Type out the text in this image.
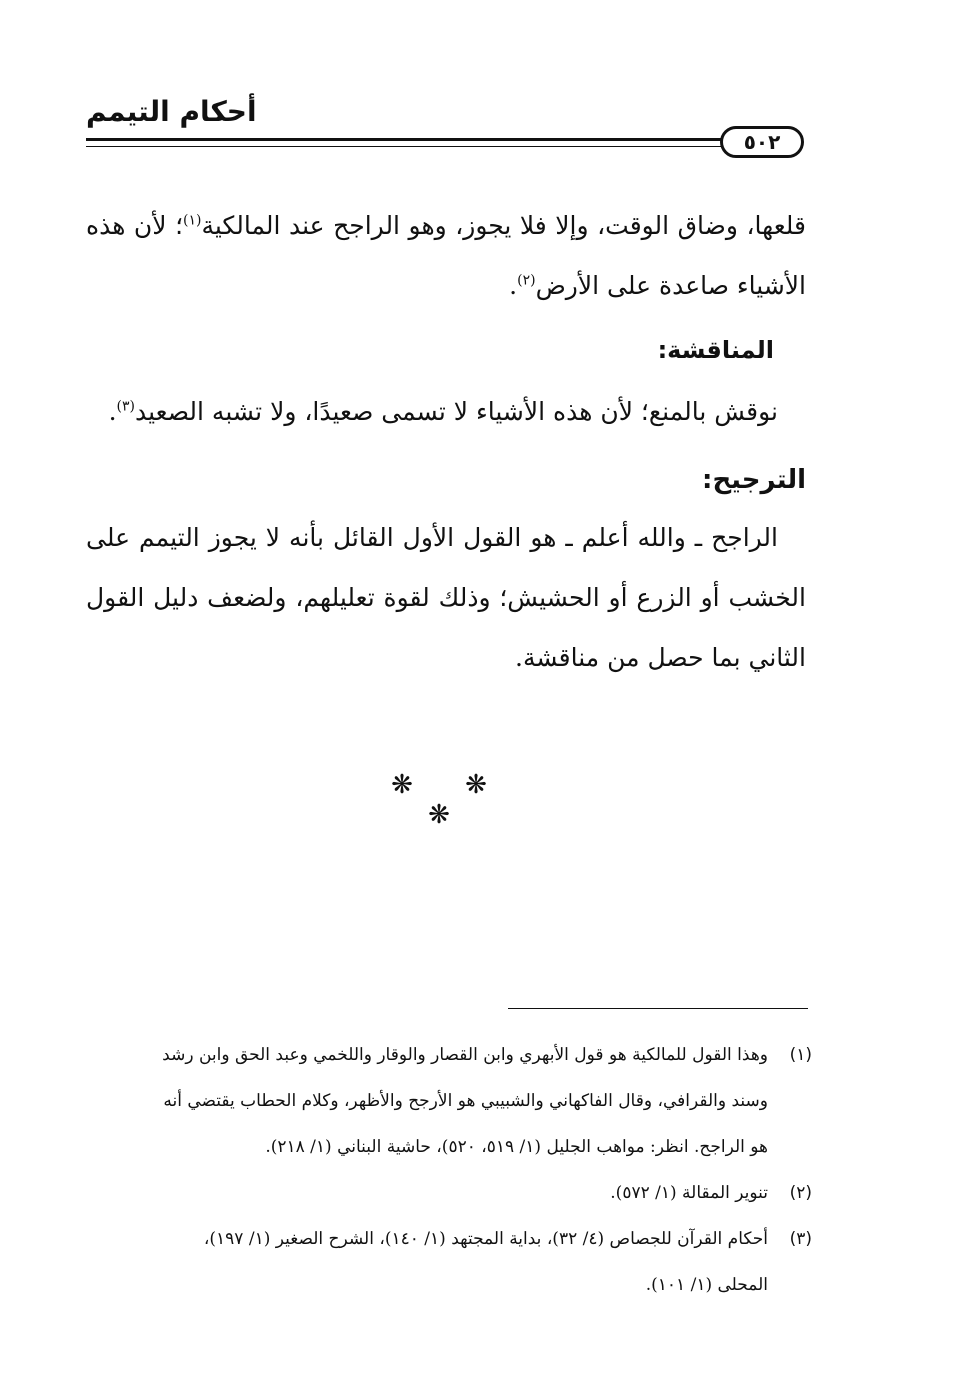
أحكام التيمم
٥٠٢
قلعها، وضاق الوقت، وإلا فلا يجوز، وهو الراجح عند المالكية$^{(١)}$؛ لأن هذه
الأشياء صاعدة على الأرض$^{(٢)}$.
المناقشة:
نوقش بالمنع؛ لأن هذه الأشياء لا تسمى صعيدًا، ولا تشبه الصعيد$^{(٣)}$.
الترجيح:
الراجح ـ والله أعلم ـ هو القول الأول القائل بأنه لا يجوز التيمم على
الخشب أو الزرع أو الحشيش؛ وذلك لقوة تعليلهم، ولضعف دليل القول
الثاني بما حصل من مناقشة.
❋ ❋ ❋
(١)وهذا القول للمالكية هو قول الأبهري وابن القصار والوقار واللخمي وعبد الحق وابن رشد
وسند والقرافي، وقال الفاكهاني والشبيبي هو الأرجح والأظهر، وكلام الحطاب يقتضي أنه
هو الراجح. انظر: مواهب الجليل (١/ ٥١٩، ٥٢٠)، حاشية البناني (١/ ٢١٨).
(٢)تنوير المقالة (١/ ٥٧٢).
(٣)أحكام القرآن للجصاص (٤/ ٣٢)، بداية المجتهد (١/ ١٤٠)، الشرح الصغير (١/ ١٩٧)،
المحلى (١/ ١٠١).
